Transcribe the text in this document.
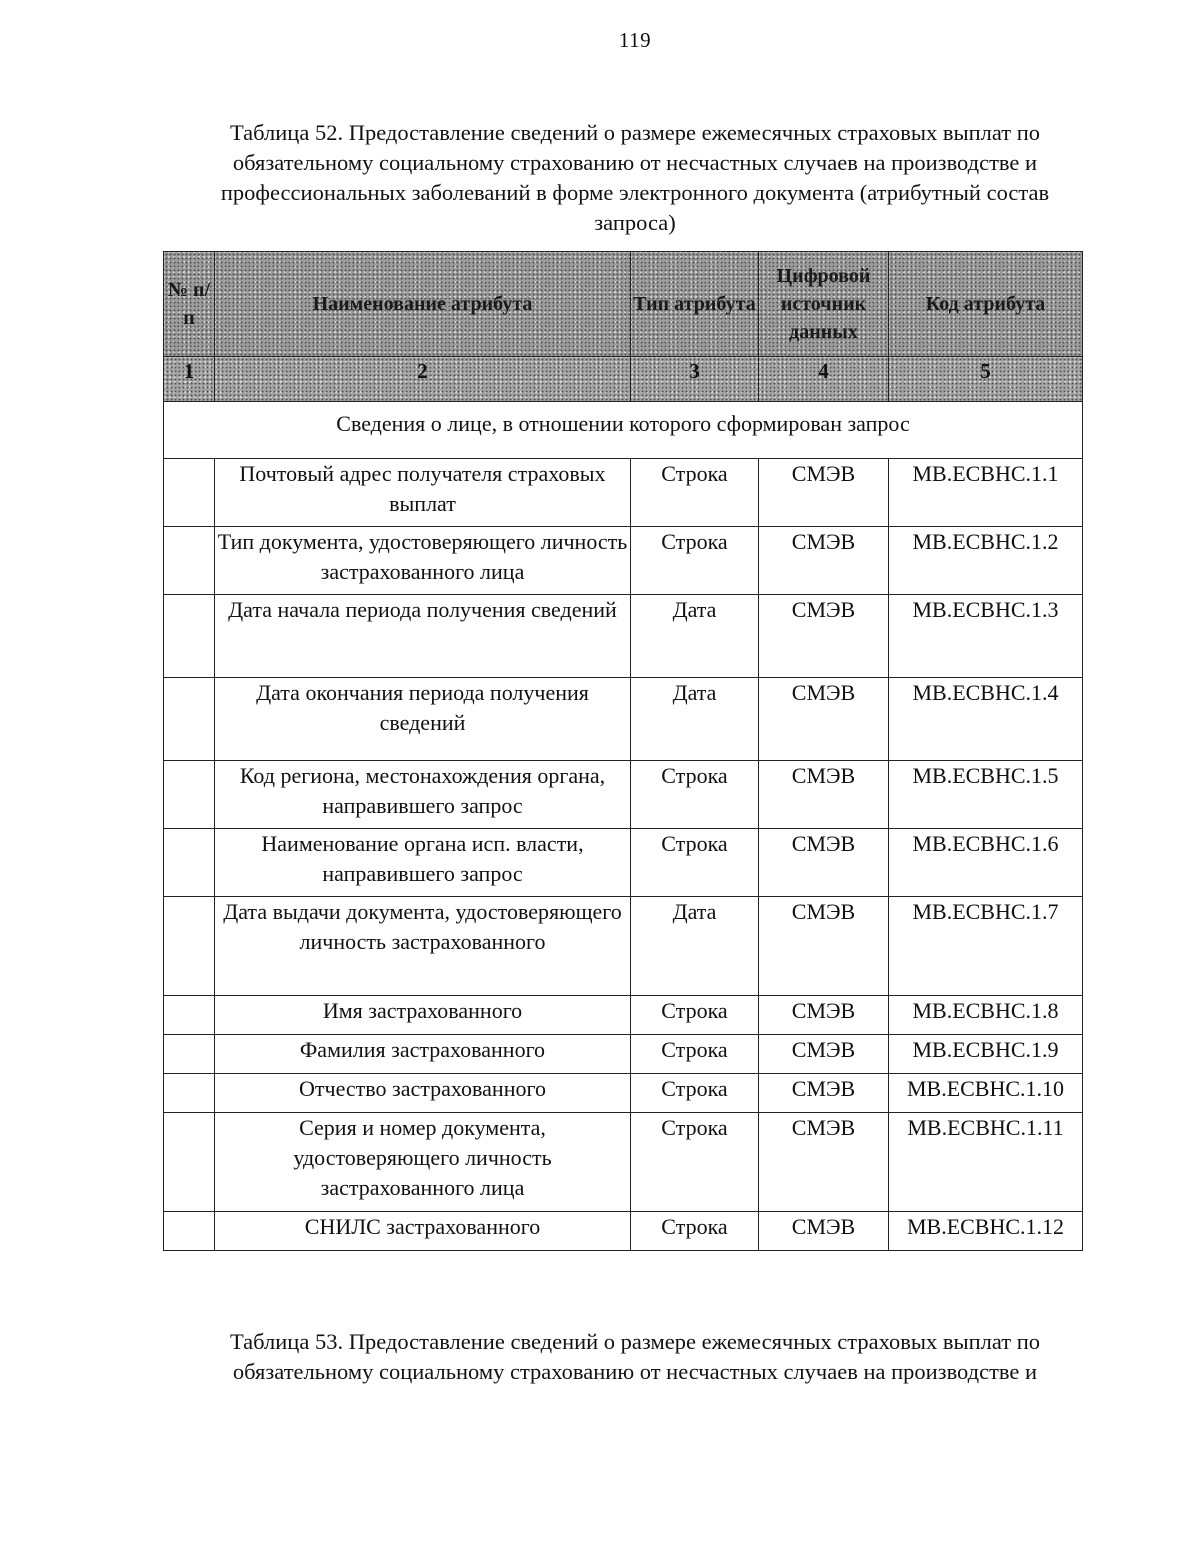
119
Таблица 52. Предоставление сведений о размере ежемесячных страховых выплат по обязательному социальному страхованию от несчастных случаев на производстве и профессиональных заболеваний в форме электронного документа (атрибутный состав запроса)
№ п/ п	Наименование атрибута	Тип атрибута	Цифровой источник данных	Код атрибута
1	2	3	4	5
Сведения о лице, в отношении которого сформирован запрос				
	Почтовый адрес получателя страховых выплат	Строка	СМЭВ	MB.ECBHC.1.1
	Тип документа, удостоверяющего личность застрахованного лица	Строка	СМЭВ	MB.ECBHC.1.2
	Дата начала периода получения сведений	Дата	СМЭВ	MB.ECBHC.1.3
	Дата окончания периода получения сведений	Дата	СМЭВ	MB.ECBHC.1.4
	Код региона, местонахождения органа, направившего запрос	Строка	СМЭВ	MB.ECBHC.1.5
	Наименование органа исп. власти, направившего запрос	Строка	СМЭВ	MB.ECBHC.1.6
	Дата выдачи документа, удостоверяющего личность застрахованного	Дата	СМЭВ	MB.ECBHC.1.7
	Имя застрахованного	Строка	СМЭВ	MB.ECBHC.1.8
	Фамилия застрахованного	Строка	СМЭВ	MB.ECBHC.1.9
	Отчество застрахованного	Строка	СМЭВ	MB.ECBHC.1.10
	Серия и номер документа, удостоверяющего личность застрахованного лица	Строка	СМЭВ	MB.ECBHC.1.11
	СНИЛС застрахованного	Строка	СМЭВ	MB.ECBHC.1.12
Таблица 53. Предоставление сведений о размере ежемесячных страховых выплат по обязательному социальному страхованию от несчастных случаев на производстве и
